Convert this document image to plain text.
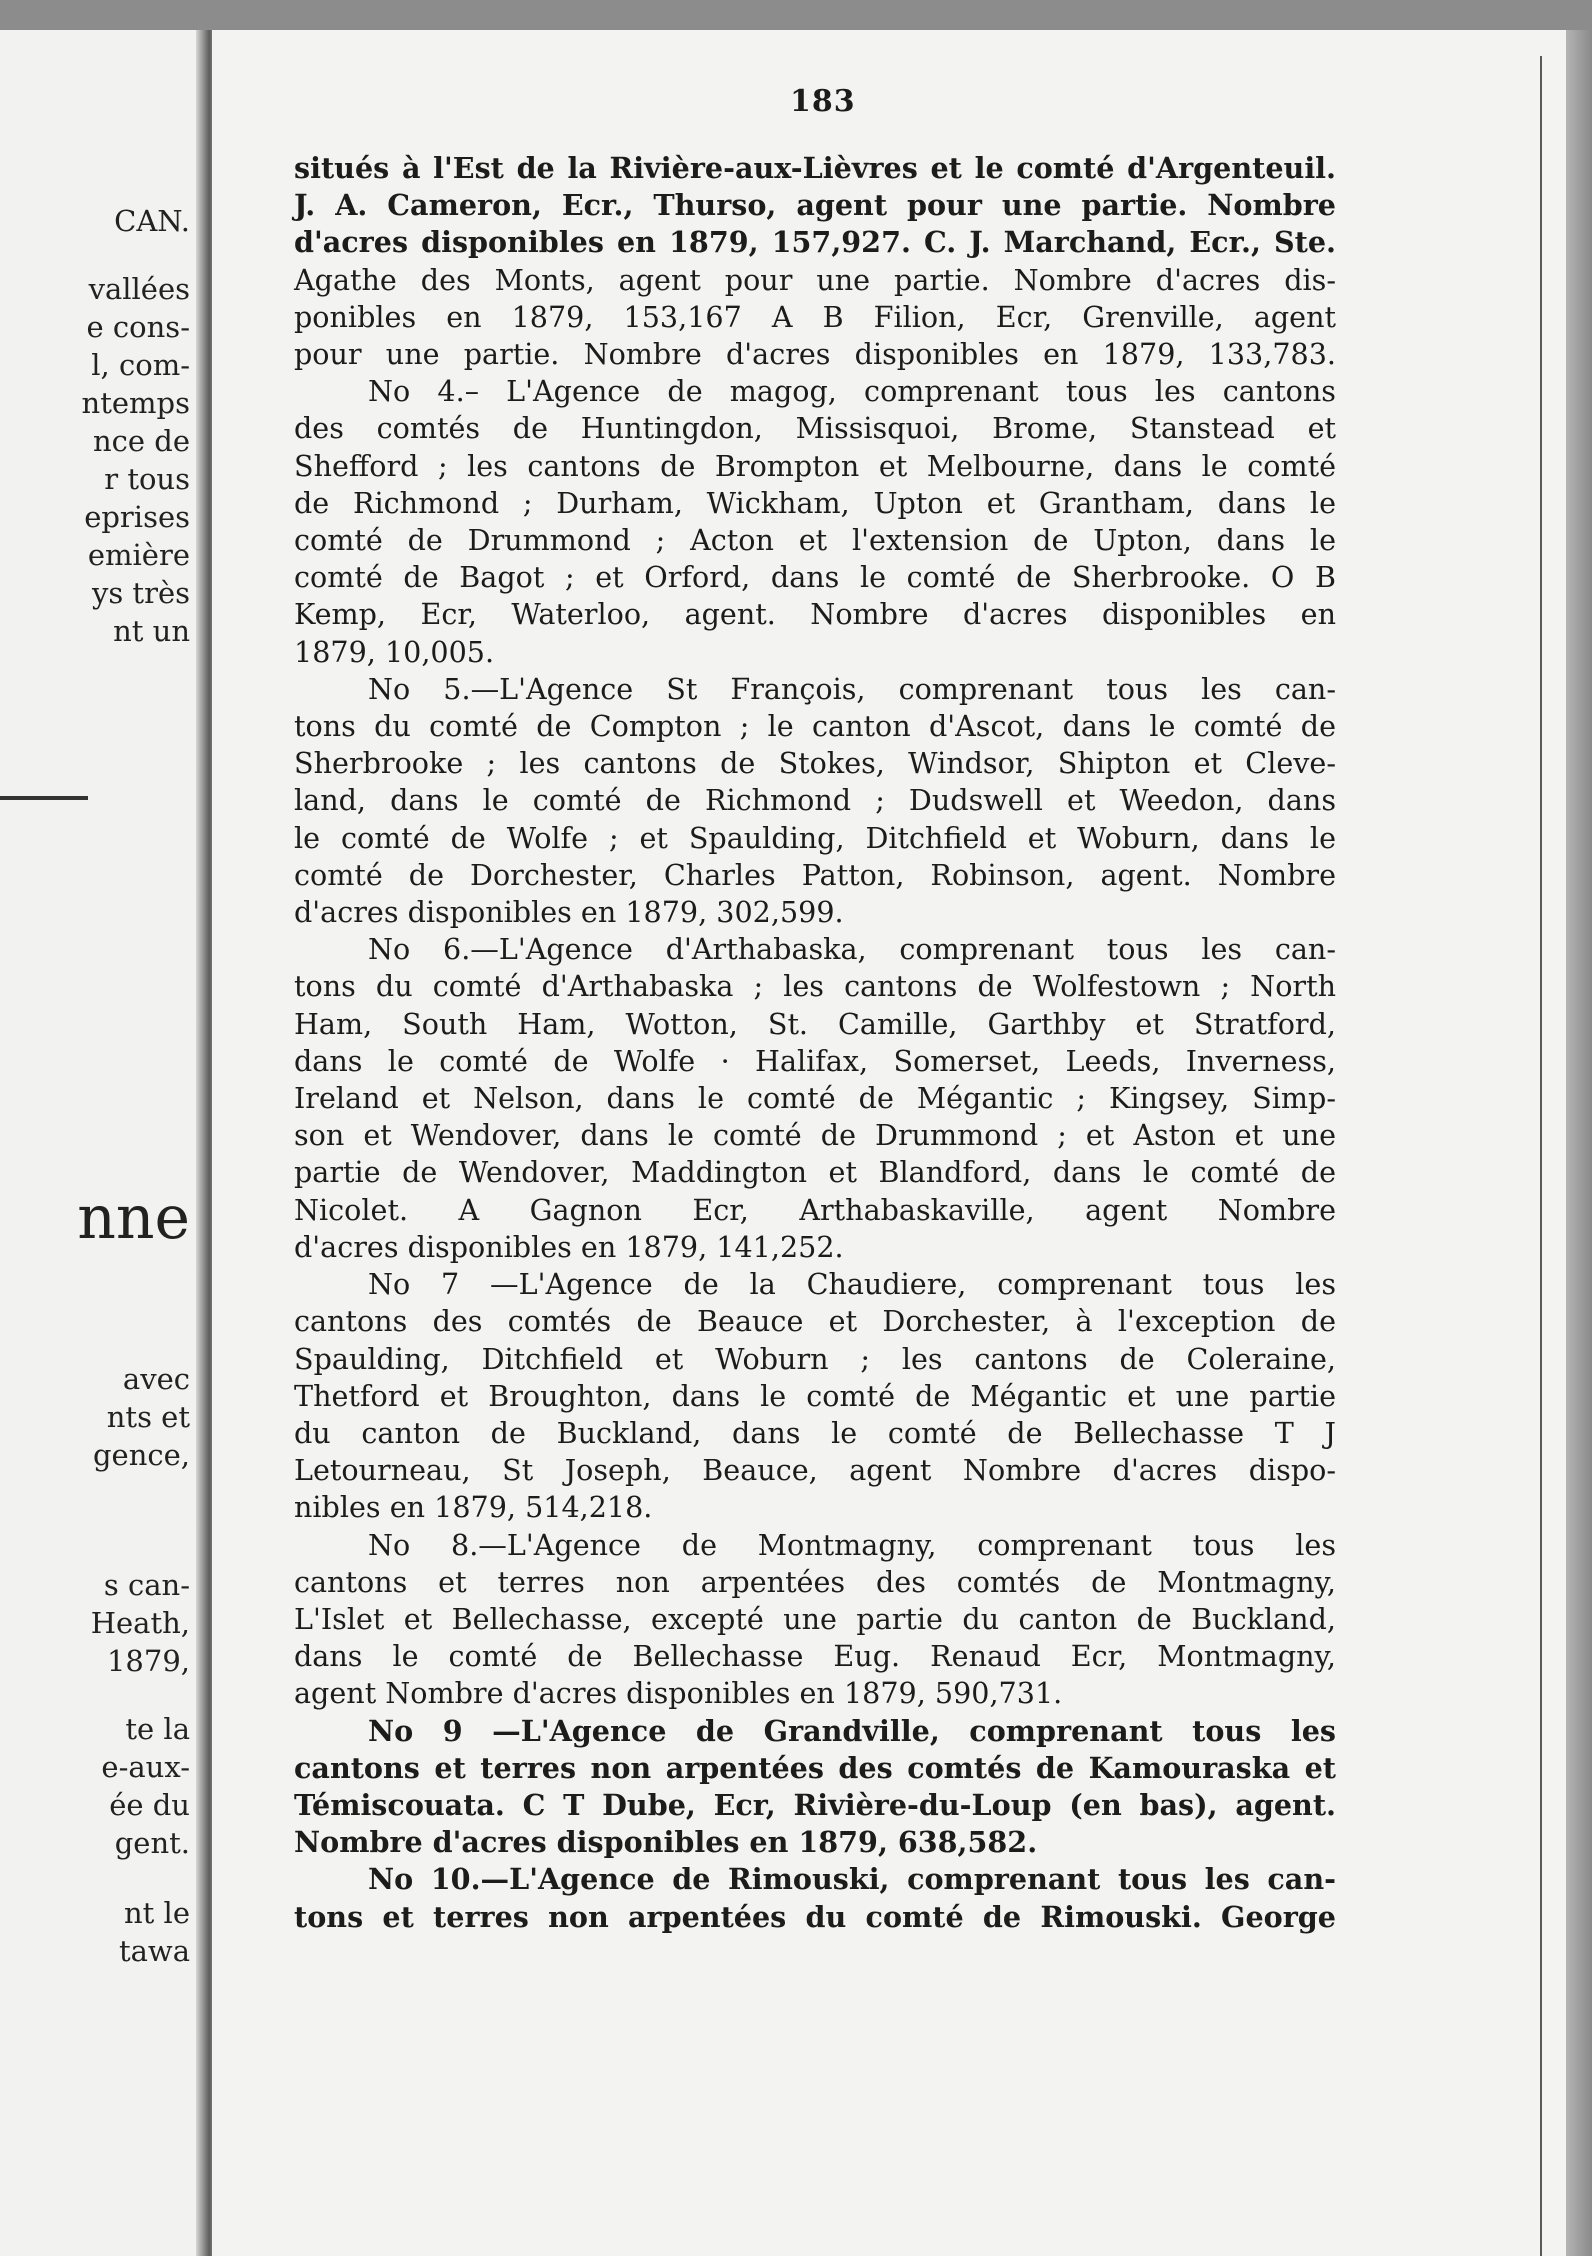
CAN.
vallées
e cons-
l, com-
ntemps
nce de
r tous
eprises
emière
ys très
nt un
nne
avec
nts et
gence,
s can-
Heath,
1879,
te la
e-aux-
ée du
gent.
nt le
tawa
183
situés à l'Est de la Rivière-aux-Lièvres et le comté d'Argenteuil.
J. A. Cameron, Ecr., Thurso, agent pour une partie. Nombre
d'acres disponibles en 1879, 157,927. C. J. Marchand, Ecr., Ste.
Agathe des Monts, agent pour une partie. Nombre d'acres dis-
ponibles en 1879, 153,167 A B Filion, Ecr, Grenville, agent
pour une partie. Nombre d'acres disponibles en 1879, 133,783.
No 4.– L'Agence de magog, comprenant tous les cantons
des comtés de Huntingdon, Missisquoi, Brome, Stanstead et
Shefford ; les cantons de Brompton et Melbourne, dans le comté
de Richmond ; Durham, Wickham, Upton et Grantham, dans le
comté de Drummond ; Acton et l'extension de Upton, dans le
comté de Bagot ; et Orford, dans le comté de Sherbrooke. O B
Kemp, Ecr, Waterloo, agent. Nombre d'acres disponibles en
1879, 10,005.
No 5.—L'Agence St François, comprenant tous les can-
tons du comté de Compton ; le canton d'Ascot, dans le comté de
Sherbrooke ; les cantons de Stokes, Windsor, Shipton et Cleve-
land, dans le comté de Richmond ; Dudswell et Weedon, dans
le comté de Wolfe ; et Spaulding, Ditchfield et Woburn, dans le
comté de Dorchester, Charles Patton, Robinson, agent. Nombre
d'acres disponibles en 1879, 302,599.
No 6.—L'Agence d'Arthabaska, comprenant tous les can-
tons du comté d'Arthabaska ; les cantons de Wolfestown ; North
Ham, South Ham, Wotton, St. Camille, Garthby et Stratford,
dans le comté de Wolfe · Halifax, Somerset, Leeds, Inverness,
Ireland et Nelson, dans le comté de Mégantic ; Kingsey, Simp-
son et Wendover, dans le comté de Drummond ; et Aston et une
partie de Wendover, Maddington et Blandford, dans le comté de
Nicolet. A Gagnon Ecr, Arthabaskaville, agent Nombre
d'acres disponibles en 1879, 141,252.
No 7 —L'Agence de la Chaudiere, comprenant tous les
cantons des comtés de Beauce et Dorchester, à l'exception de
Spaulding, Ditchfield et Woburn ; les cantons de Coleraine,
Thetford et Broughton, dans le comté de Mégantic et une partie
du canton de Buckland, dans le comté de Bellechasse T J
Letourneau, St Joseph, Beauce, agent Nombre d'acres dispo-
nibles en 1879, 514,218.
No 8.—L'Agence de Montmagny, comprenant tous les
cantons et terres non arpentées des comtés de Montmagny,
L'Islet et Bellechasse, excepté une partie du canton de Buckland,
dans le comté de Bellechasse Eug. Renaud Ecr, Montmagny,
agent Nombre d'acres disponibles en 1879, 590,731.
No 9 —L'Agence de Grandville, comprenant tous les
cantons et terres non arpentées des comtés de Kamouraska et
Témiscouata. C T Dube, Ecr, Rivière-du-Loup (en bas), agent.
Nombre d'acres disponibles en 1879, 638,582.
No 10.—L'Agence de Rimouski, comprenant tous les can-
tons et terres non arpentées du comté de Rimouski. George
